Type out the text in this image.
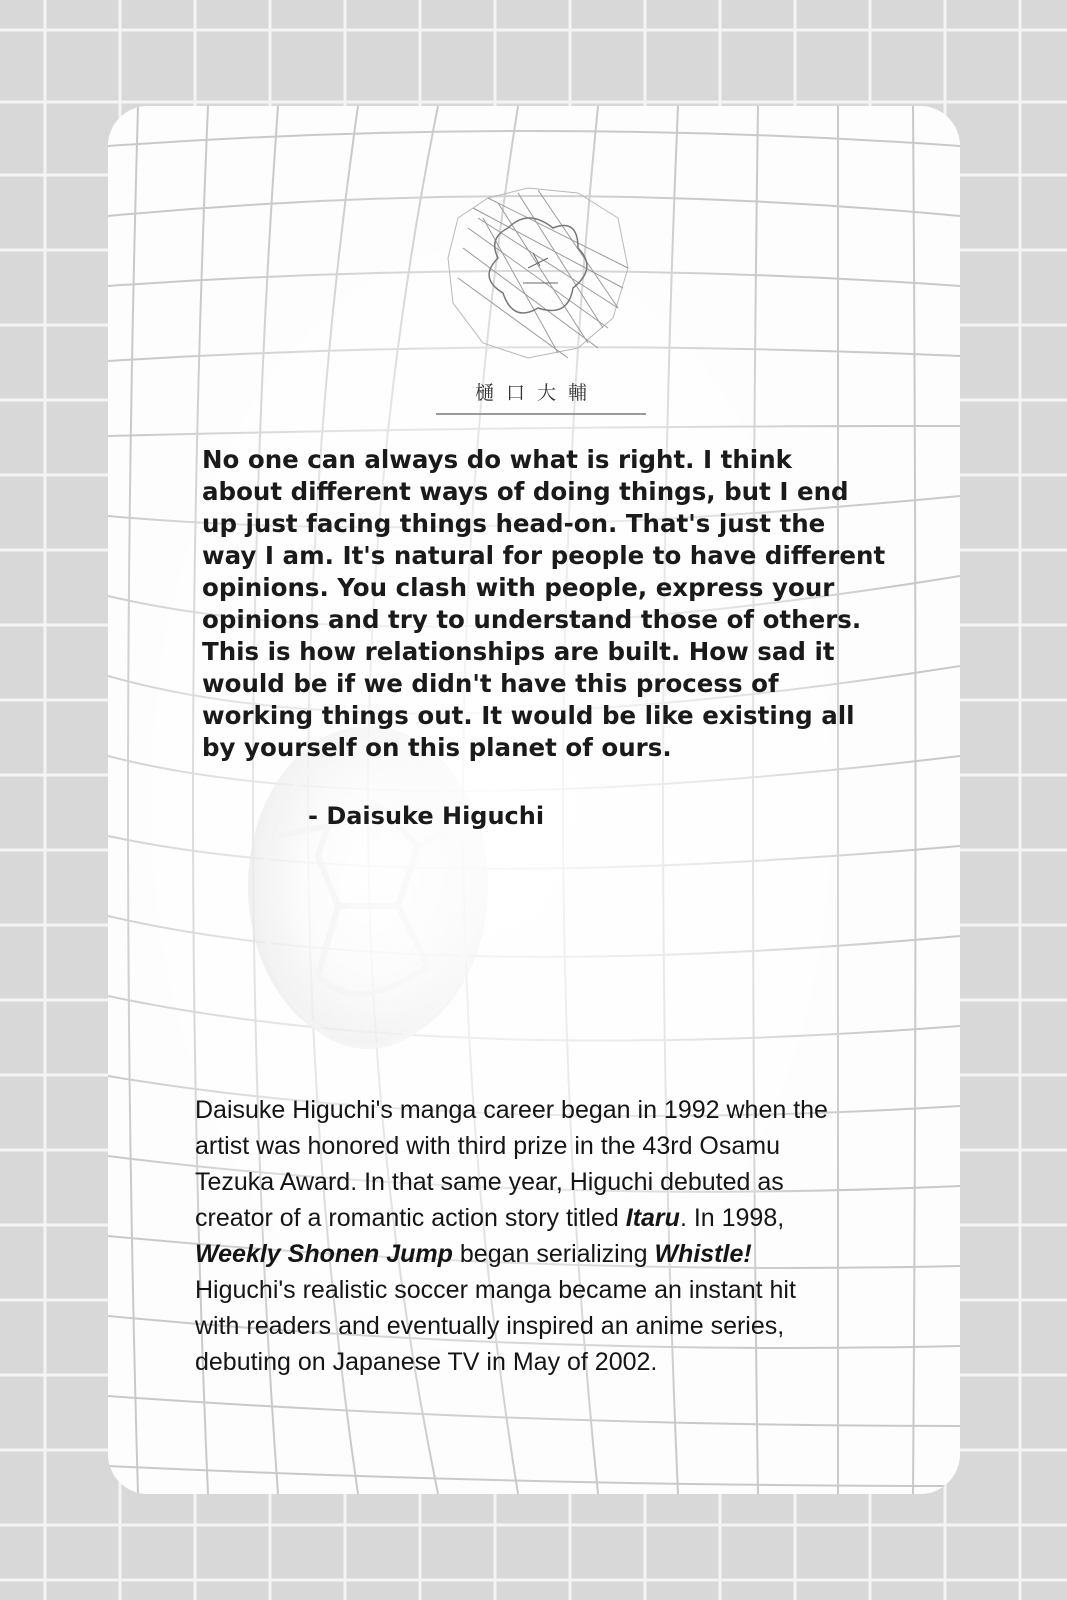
樋口大輔
No one can always do what is right. I think
about different ways of doing things, but I end
up just facing things head-on. That's just the
way I am. It's natural for people to have different
opinions. You clash with people, express your
opinions and try to understand those of others.
This is how relationships are built. How sad it
would be if we didn't have this process of
working things out. It would be like existing all
by yourself on this planet of ours.
- Daisuke Higuchi
Daisuke Higuchi's manga career began in 1992 when the
artist was honored with third prize in the 43rd Osamu
Tezuka Award. In that same year, Higuchi debuted as
creator of a romantic action story titled Itaru. In 1998,
Weekly Shonen Jump began serializing Whistle!
Higuchi's realistic soccer manga became an instant hit
with readers and eventually inspired an anime series,
debuting on Japanese TV in May of 2002.
